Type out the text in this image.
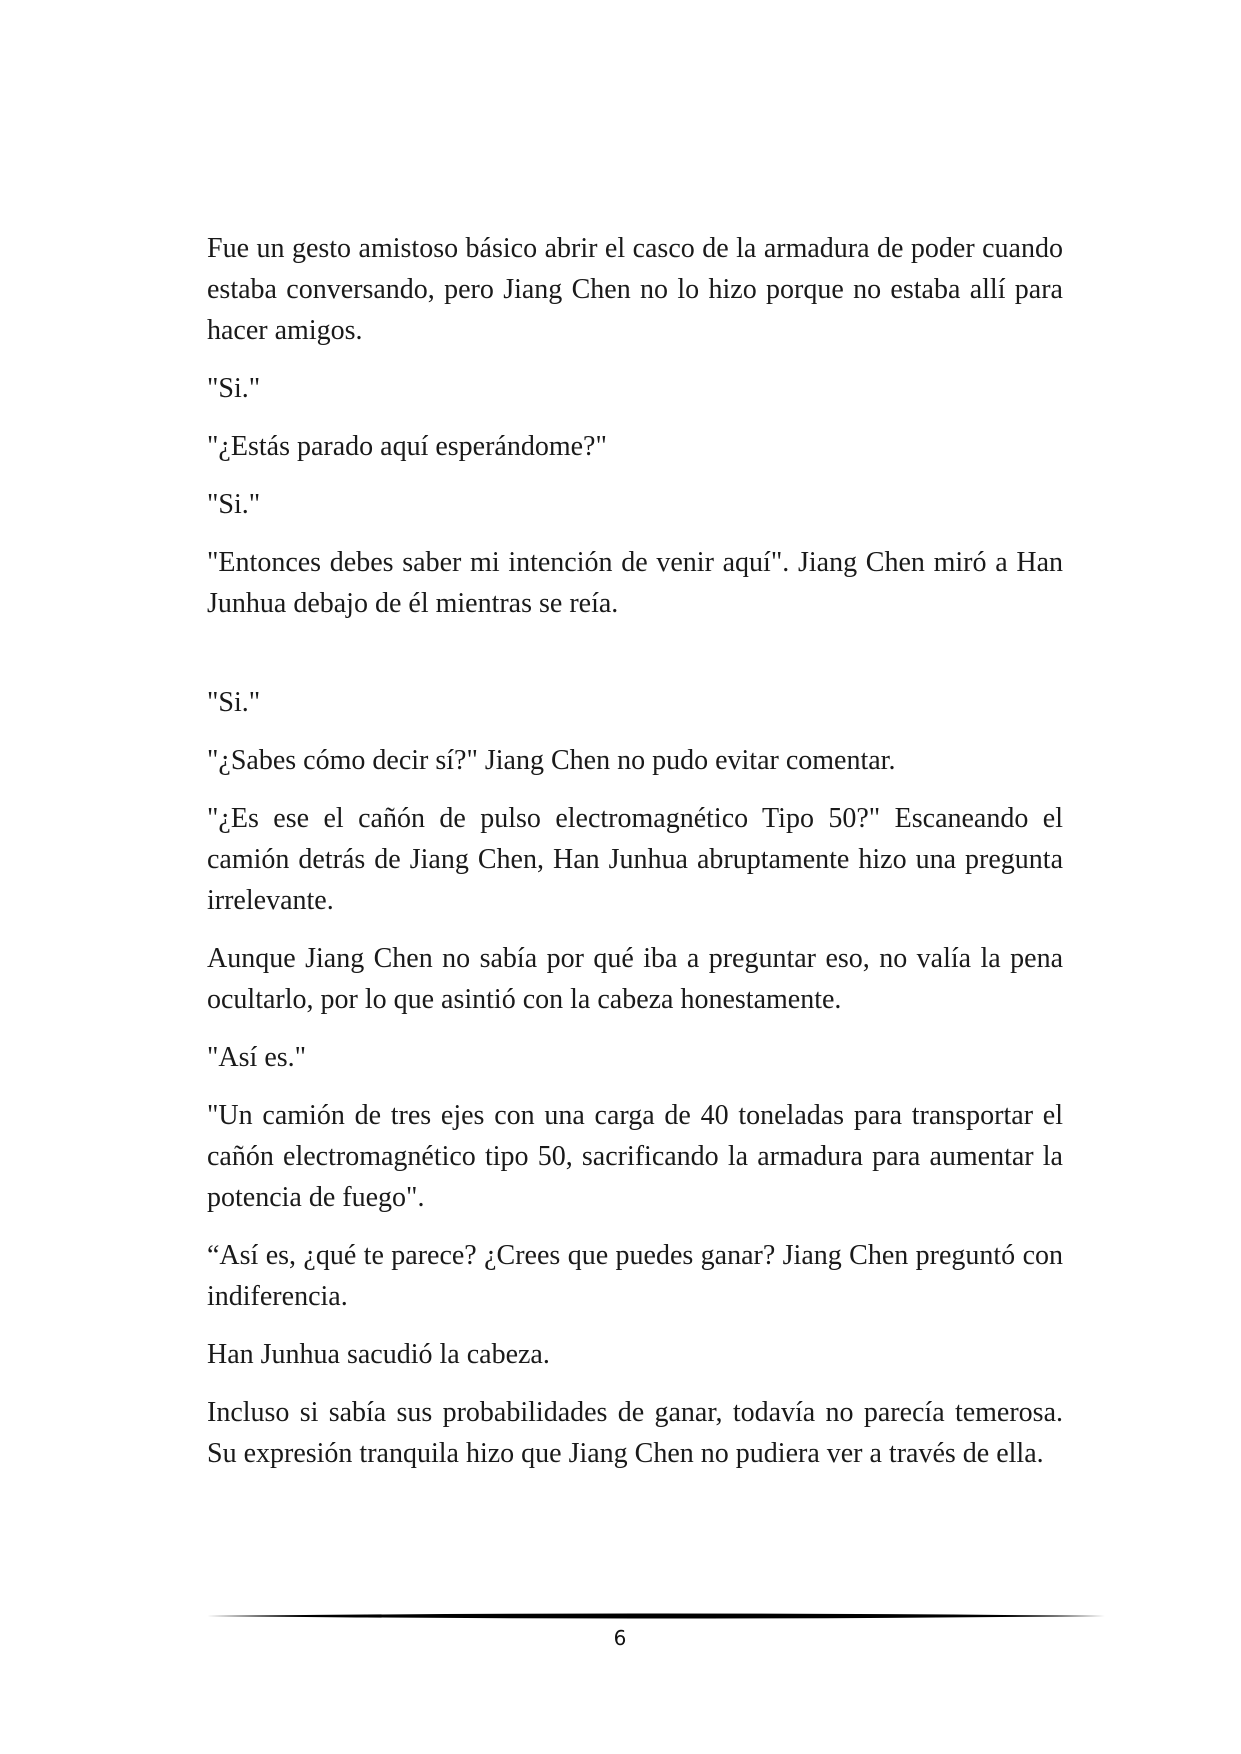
Fue un gesto amistoso básico abrir el casco de la armadura de poder cuando estaba conversando, pero Jiang Chen no lo hizo porque no estaba allí para hacer amigos.

"Si."

"¿Estás parado aquí esperándome?"

"Si."

"Entonces debes saber mi intención de venir aquí". Jiang Chen miró a Han Junhua debajo de él mientras se reía.

"Si."

"¿Sabes cómo decir sí?" Jiang Chen no pudo evitar comentar.

"¿Es ese el cañón de pulso electromagnético Tipo 50?" Escaneando el camión detrás de Jiang Chen, Han Junhua abruptamente hizo una pregunta irrelevante.

Aunque Jiang Chen no sabía por qué iba a preguntar eso, no valía la pena ocultarlo, por lo que asintió con la cabeza honestamente.

"Así es."

"Un camión de tres ejes con una carga de 40 toneladas para transportar el cañón electromagnético tipo 50, sacrificando la armadura para aumentar la potencia de fuego".

“Así es, ¿qué te parece? ¿Crees que puedes ganar? Jiang Chen preguntó con indiferencia.

Han Junhua sacudió la cabeza.

Incluso si sabía sus probabilidades de ganar, todavía no parecía temerosa. Su expresión tranquila hizo que Jiang Chen no pudiera ver a través de ella.

6
